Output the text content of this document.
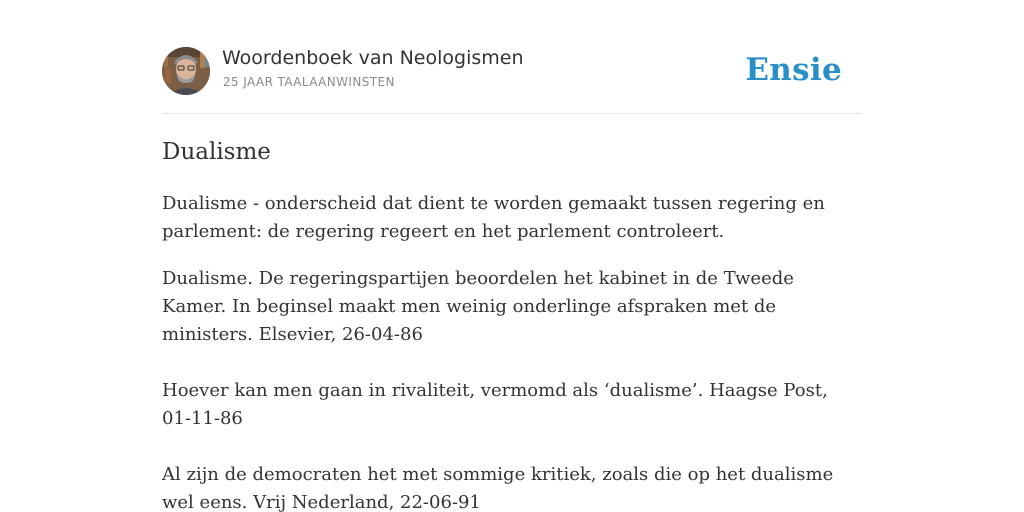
Woordenboek van Neologismen
25 JAAR TAALAANWINSTEN	Ensie
Dualisme

Dualisme - onderscheid dat dient te worden gemaakt tussen regering en parlement: de regering regeert en het parlement controleert.

Dualisme. De regeringspartijen beoordelen het kabinet in de Tweede Kamer. In beginsel maakt men weinig onderlinge afspraken met de ministers. Elsevier, 26-04-86

Hoever kan men gaan in rivaliteit, vermomd als ‘dualisme’. Haagse Post, 01-11-86

Al zijn de democraten het met sommige kritiek, zoals die op het dualisme wel eens. Vrij Nederland, 22-06-91
